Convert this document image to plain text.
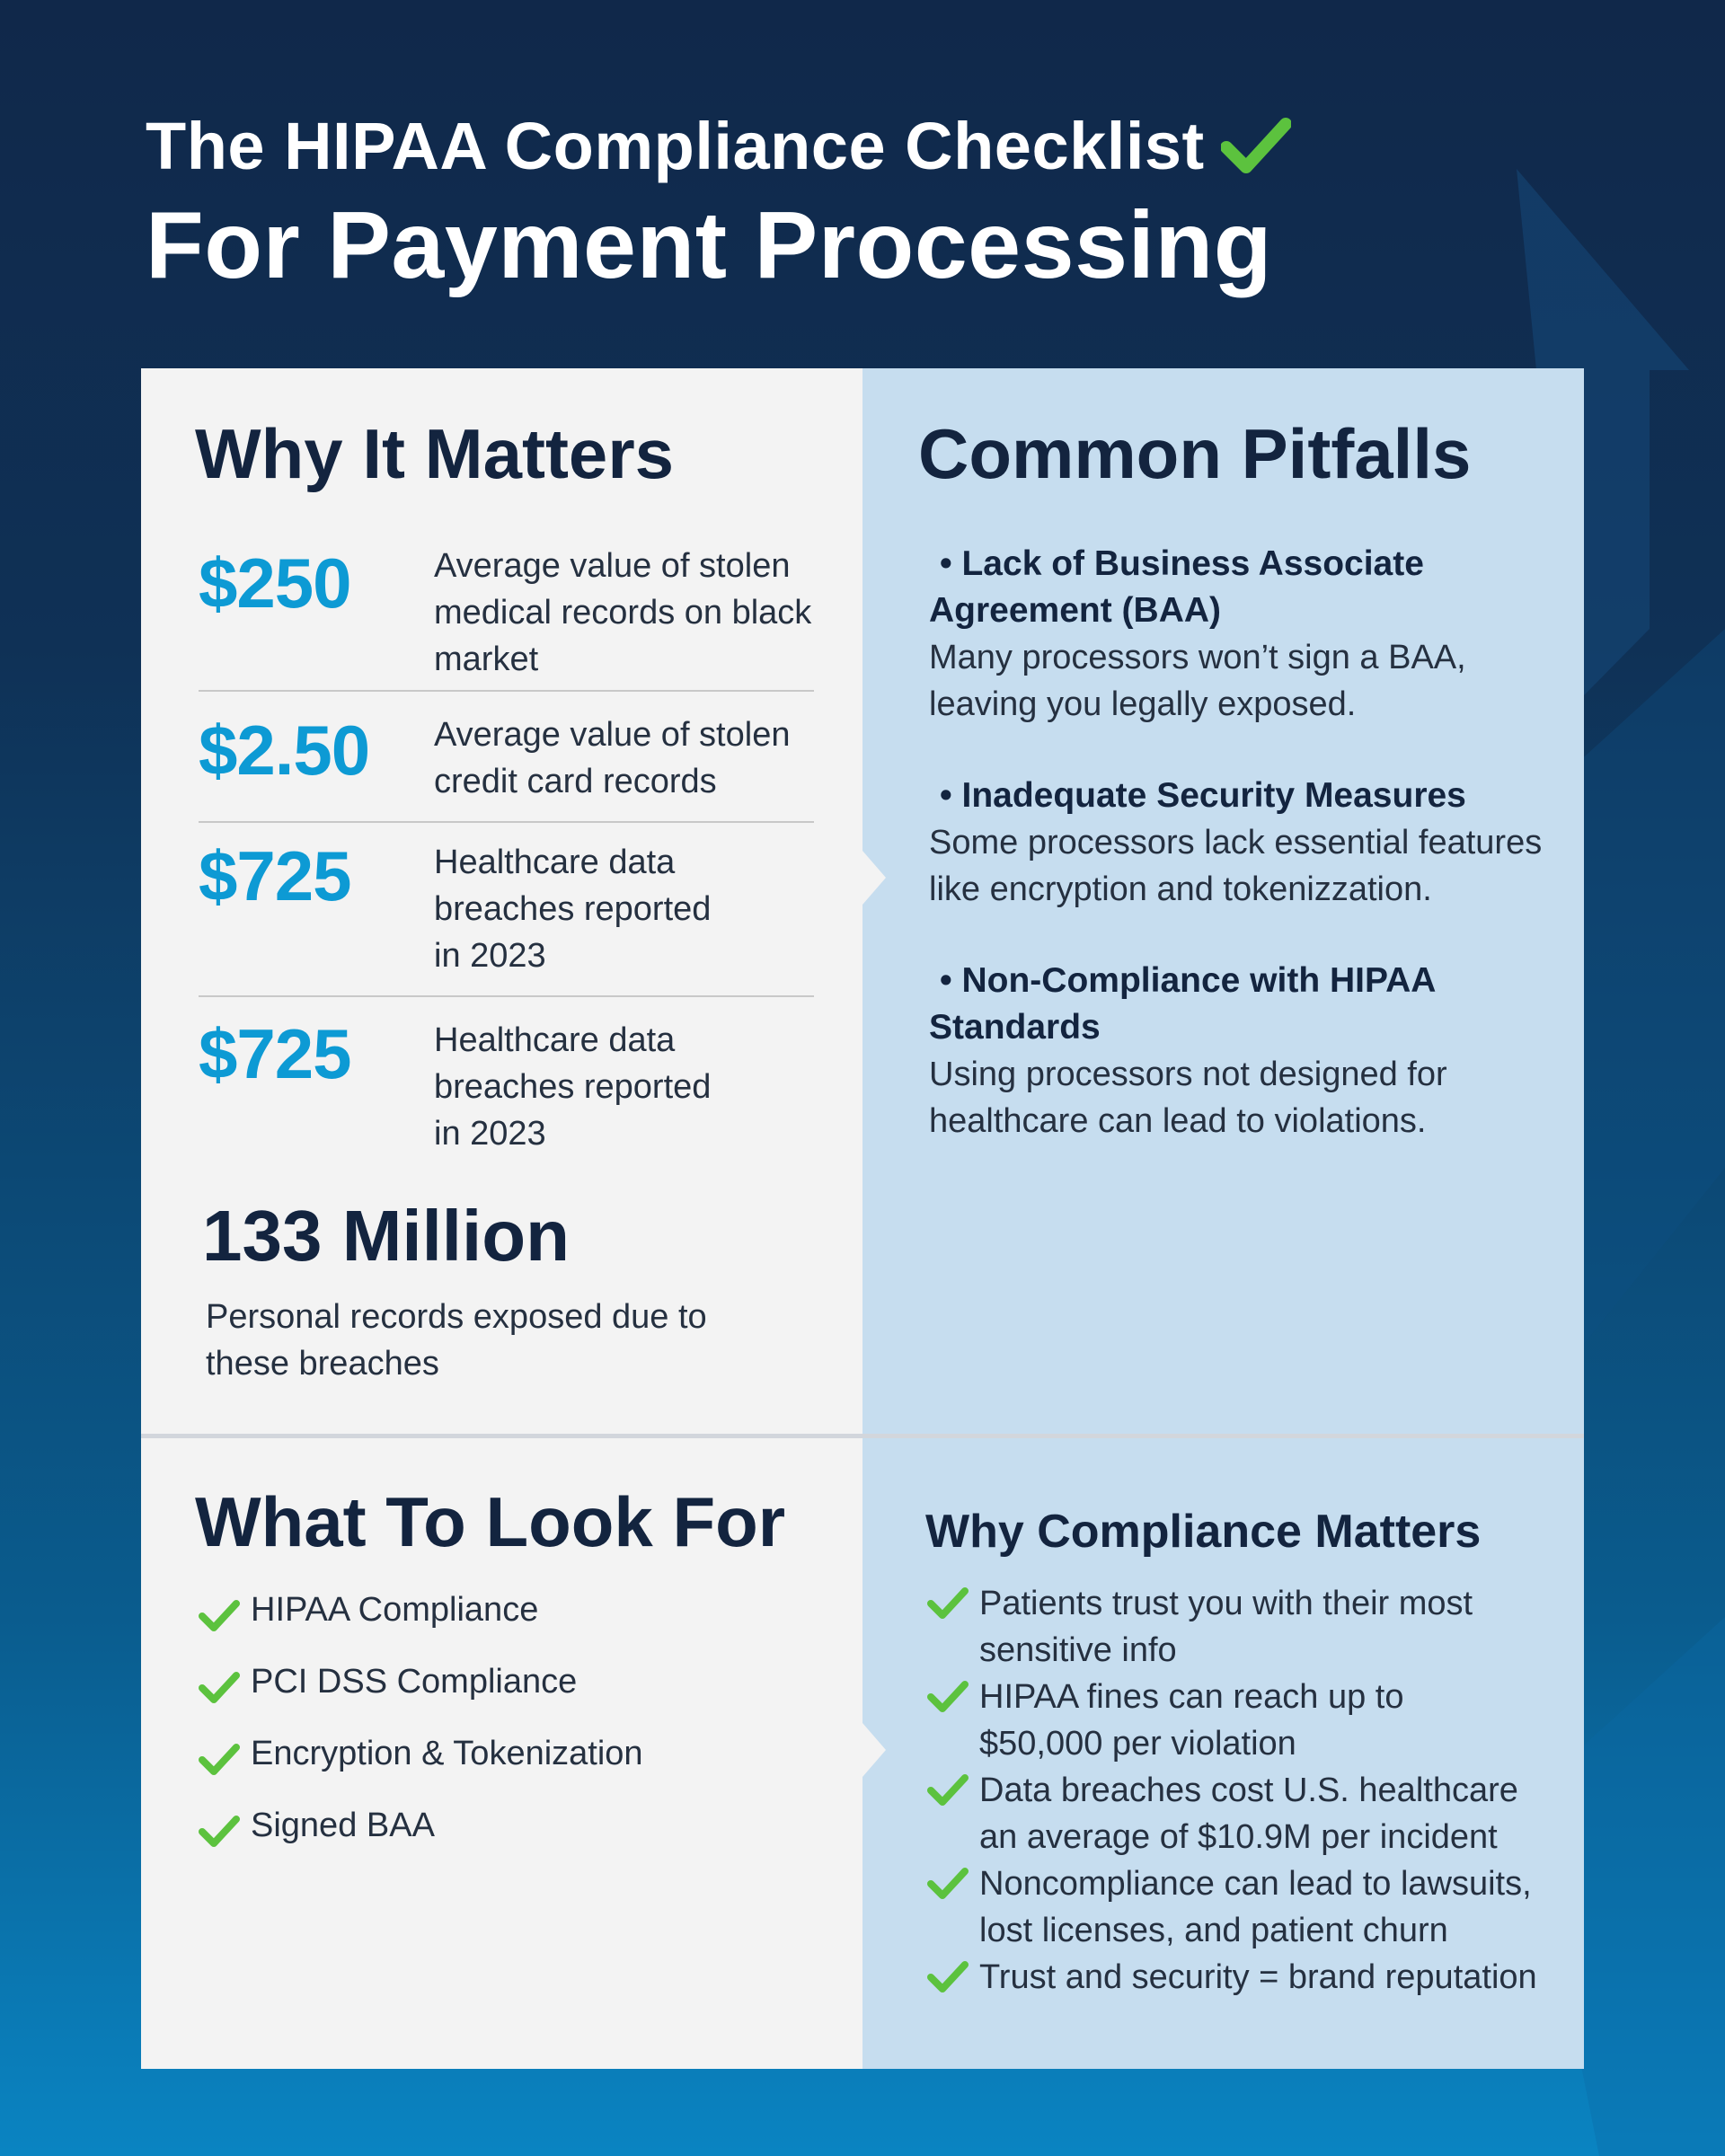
The HIPAA Compliance Checklist
For Payment Processing
Why It Matters
$250	Average value of stolen
medical records on black
market
$2.50	Average value of stolen
credit card records
$725	Healthcare data
breaches reported
in 2023
$725	Healthcare data
breaches reported
in 2023
133 Million
Personal records exposed due to
these breaches
Common Pitfalls
• Lack of Business Associate
Agreement (BAA)
Many processors won’t sign a BAA,
leaving you legally exposed.
• Inadequate Security Measures
Some processors lack essential features
like encryption and tokenizzation.
• Non-Compliance with HIPAA
Standards
Using processors not designed for
healthcare can lead to violations.
What To Look For
HIPAA Compliance
PCI DSS Compliance
Encryption & Tokenization
Signed BAA
Why Compliance Matters
Patients trust you with their most
sensitive info
HIPAA fines can reach up to
$50,000 per violation
Data breaches cost U.S. healthcare
an average of $10.9M per incident
Noncompliance can lead to lawsuits,
lost licenses, and patient churn
Trust and security = brand reputation
